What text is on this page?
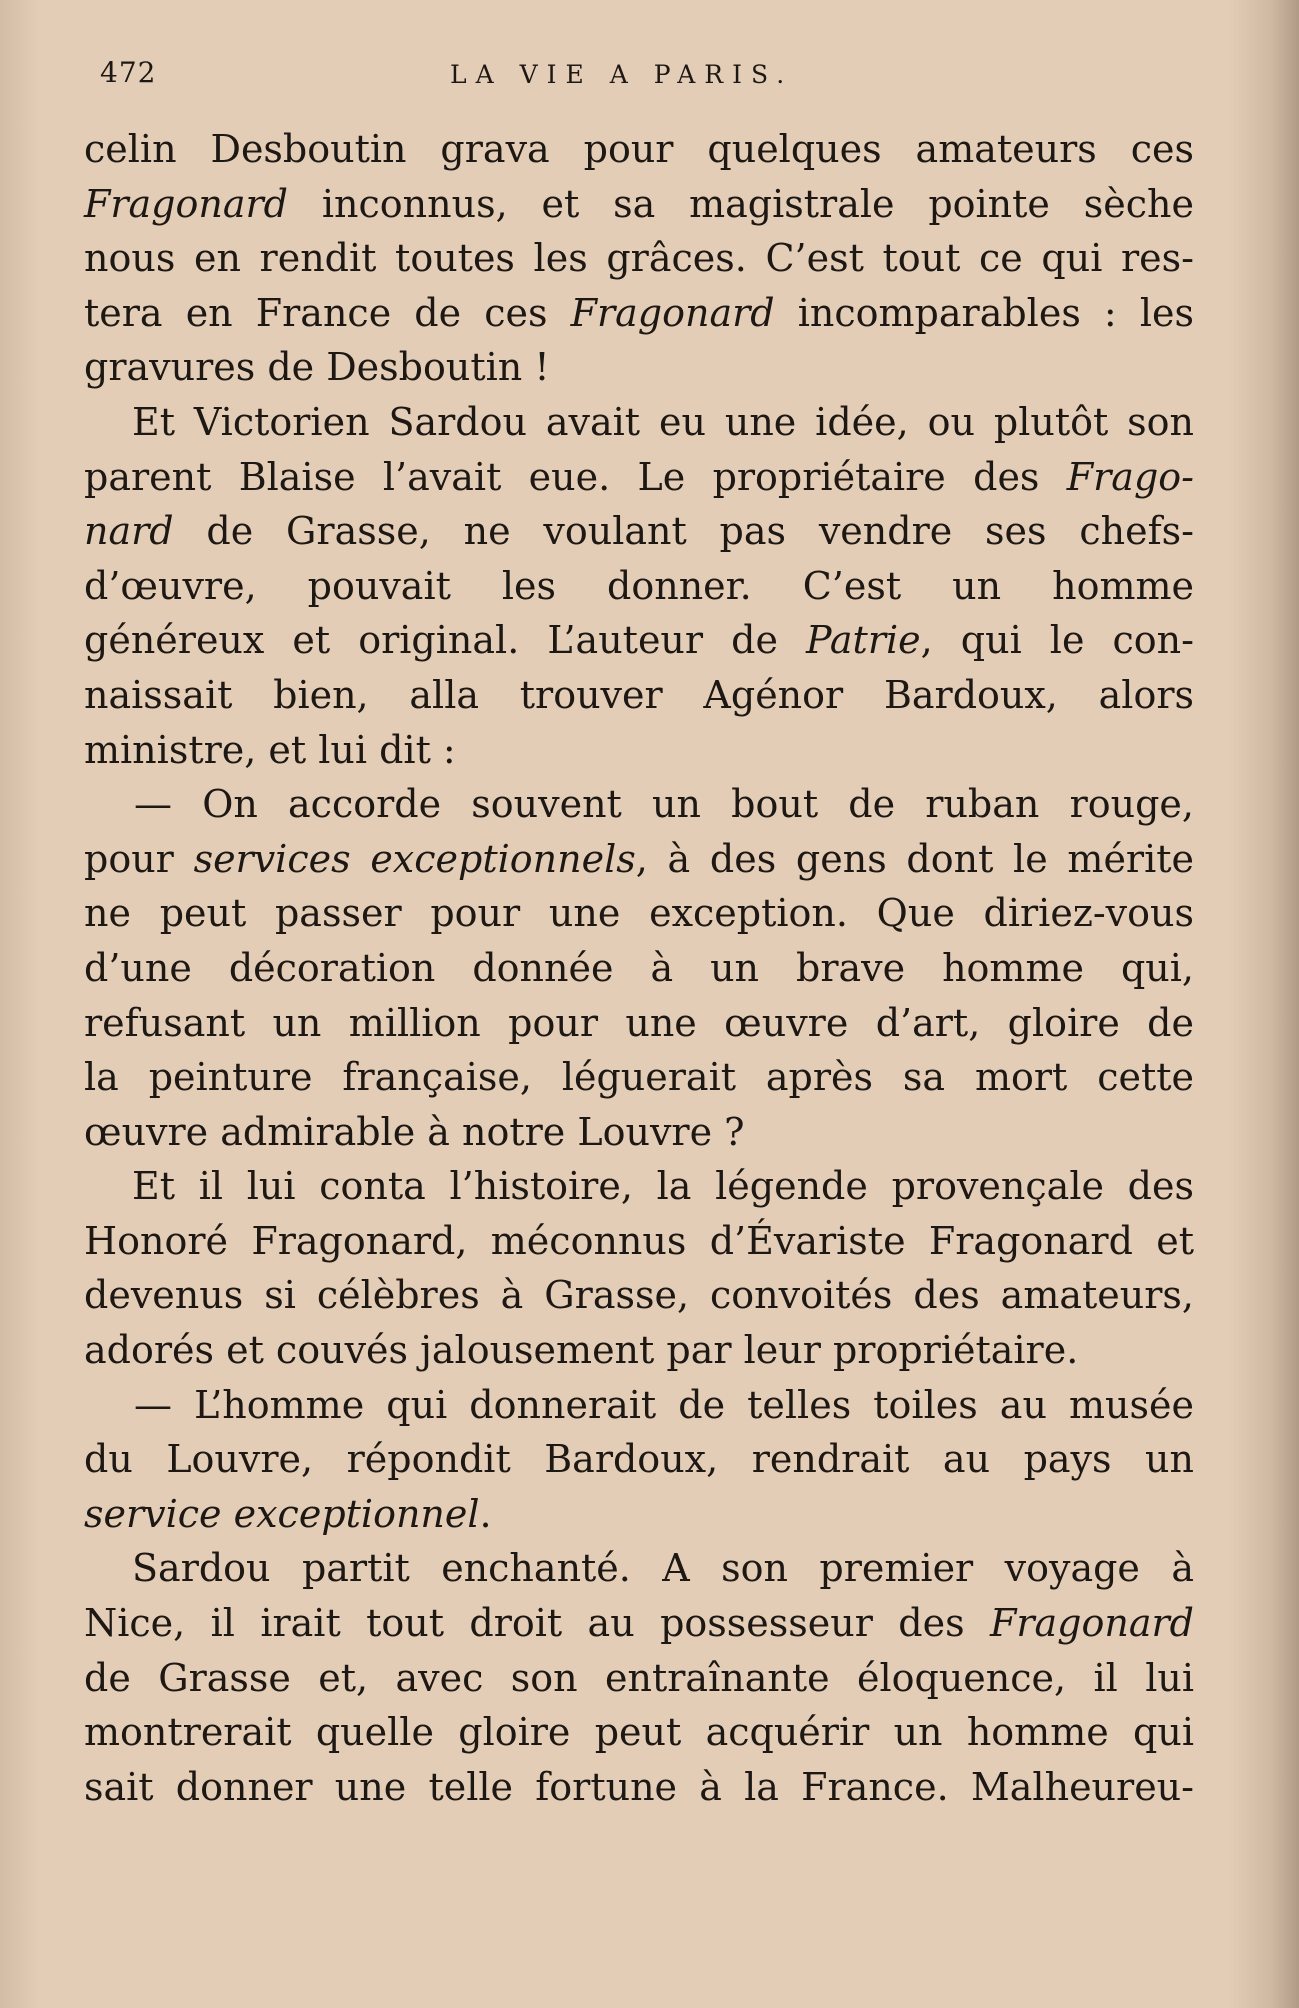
472	LA VIE A PARIS.
celin Desboutin grava pour quelques amateurs ces
Fragonard inconnus, et sa magistrale pointe sèche
nous en rendit toutes les grâces. C’est tout ce qui res-
tera en France de ces Fragonard incomparables : les
gravures de Desboutin !
Et Victorien Sardou avait eu une idée, ou plutôt son
parent Blaise l’avait eue. Le propriétaire des Frago-
nard de Grasse, ne voulant pas vendre ses chefs-
d’œuvre, pouvait les donner. C’est un homme
généreux et original. L’auteur de Patrie, qui le con-
naissait bien, alla trouver Agénor Bardoux, alors
ministre, et lui dit :
— On accorde souvent un bout de ruban rouge,
pour services exceptionnels, à des gens dont le mérite
ne peut passer pour une exception. Que diriez-vous
d’une décoration donnée à un brave homme qui,
refusant un million pour une œuvre d’art, gloire de
la peinture française, léguerait après sa mort cette
œuvre admirable à notre Louvre ?
Et il lui conta l’histoire, la légende provençale des
Honoré Fragonard, méconnus d’Évariste Fragonard et
devenus si célèbres à Grasse, convoités des amateurs,
adorés et couvés jalousement par leur propriétaire.
— L’homme qui donnerait de telles toiles au musée
du Louvre, répondit Bardoux, rendrait au pays un
service exceptionnel.
Sardou partit enchanté. A son premier voyage à
Nice, il irait tout droit au possesseur des Fragonard
de Grasse et, avec son entraînante éloquence, il lui
montrerait quelle gloire peut acquérir un homme qui
sait donner une telle fortune à la France. Malheureu-
